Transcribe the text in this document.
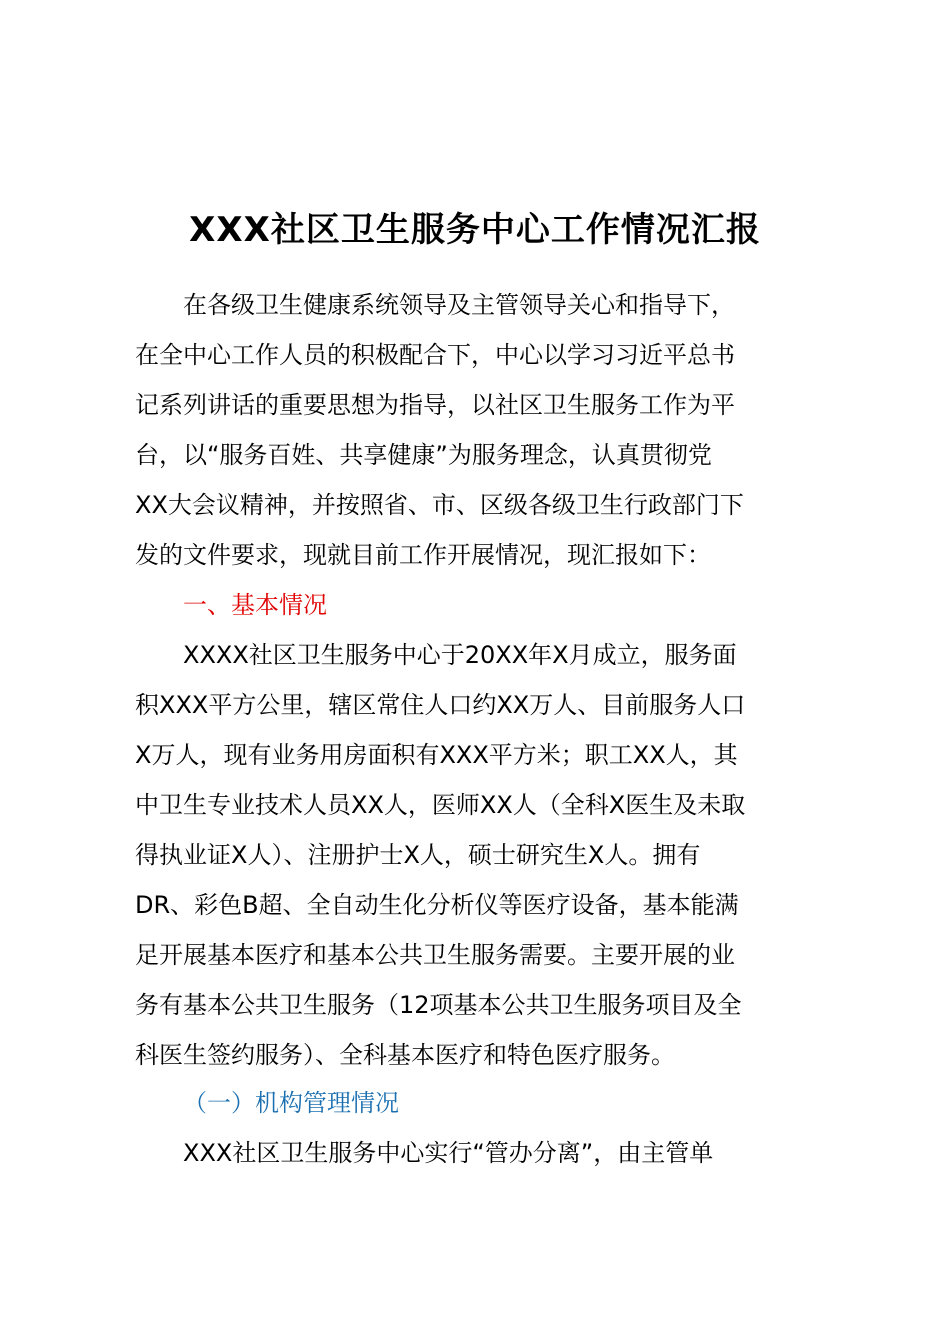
XXX社区卫生服务中心工作情况汇报
在各级卫生健康系统领导及主管领导关心和指导下，
在全中心工作人员的积极配合下，中心以学习习近平总书
记系列讲话的重要思想为指导，以社区卫生服务工作为平
台，以“服务百姓、共享健康”为服务理念，认真贯彻党
XX大会议精神，并按照省、市、区级各级卫生行政部门下
发的文件要求，现就目前工作开展情况，现汇报如下：
一、基本情况
XXXX社区卫生服务中心于20XX年X月成立，服务面
积XXX平方公里，辖区常住人口约XX万人、目前服务人口
X万人，现有业务用房面积有XXX平方米；职工XX人，其
中卫生专业技术人员XX人，医师XX人（全科X医生及未取
得执业证X人）、注册护士X人，硕士研究生X人。拥有
DR、彩色B超、全自动生化分析仪等医疗设备，基本能满
足开展基本医疗和基本公共卫生服务需要。主要开展的业
务有基本公共卫生服务（12项基本公共卫生服务项目及全
科医生签约服务）、全科基本医疗和特色医疗服务。
（一）机构管理情况
XXX社区卫生服务中心实行“管办分离”，由主管单
